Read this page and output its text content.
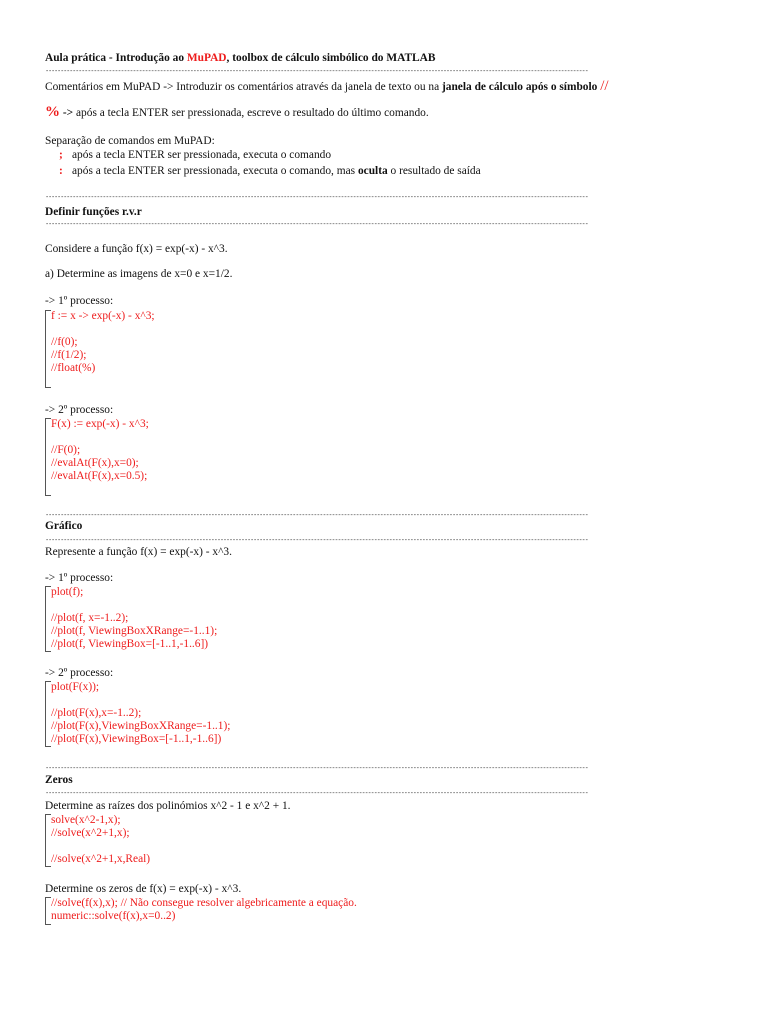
Aula prática - Introdução ao MuPAD, toolbox de cálculo simbólico do MATLAB
------------------------------------------------------------------------------------------------------------------------------------------------------------------------------------
Comentários em MuPAD -> Introduzir os comentários através da janela de texto ou na janela de cálculo após o símbolo //
% -> após a tecla ENTER ser pressionada, escreve o resultado do último comando.
Separação de comandos em MuPAD:
; após a tecla ENTER ser pressionada, executa o comando
: após a tecla ENTER ser pressionada, executa o comando, mas oculta o resultado de saída
------------------------------------------------------------------------------------------------------------------------------------------------------------------------------------
Definir funções r.v.r
------------------------------------------------------------------------------------------------------------------------------------------------------------------------------------
Considere a função f(x) = exp(-x) - x^3.
a) Determine as imagens de x=0 e x=1/2.
-> 1º processo:
f := x -> exp(-x) - x^3;
//f(0);
//f(1/2);
//float(%)
-> 2º processo:
F(x) := exp(-x) - x^3;
//F(0);
//evalAt(F(x),x=0);
//evalAt(F(x),x=0.5);
------------------------------------------------------------------------------------------------------------------------------------------------------------------------------------
Gráfico
------------------------------------------------------------------------------------------------------------------------------------------------------------------------------------
Represente a função f(x) = exp(-x) - x^3.
-> 1º processo:
plot(f);
//plot(f, x=-1..2);
//plot(f, ViewingBoxXRange=-1..1);
//plot(f, ViewingBox=[-1..1,-1..6])
-> 2º processo:
plot(F(x));
//plot(F(x),x=-1..2);
//plot(F(x),ViewingBoxXRange=-1..1);
//plot(F(x),ViewingBox=[-1..1,-1..6])
------------------------------------------------------------------------------------------------------------------------------------------------------------------------------------
Zeros
------------------------------------------------------------------------------------------------------------------------------------------------------------------------------------
Determine as raízes dos polinómios x^2 - 1 e x^2 + 1.
solve(x^2-1,x);
//solve(x^2+1,x);
//solve(x^2+1,x,Real)
Determine os zeros de f(x) = exp(-x) - x^3.
//solve(f(x),x); // Não consegue resolver algebricamente a equação.
numeric::solve(f(x),x=0..2)
